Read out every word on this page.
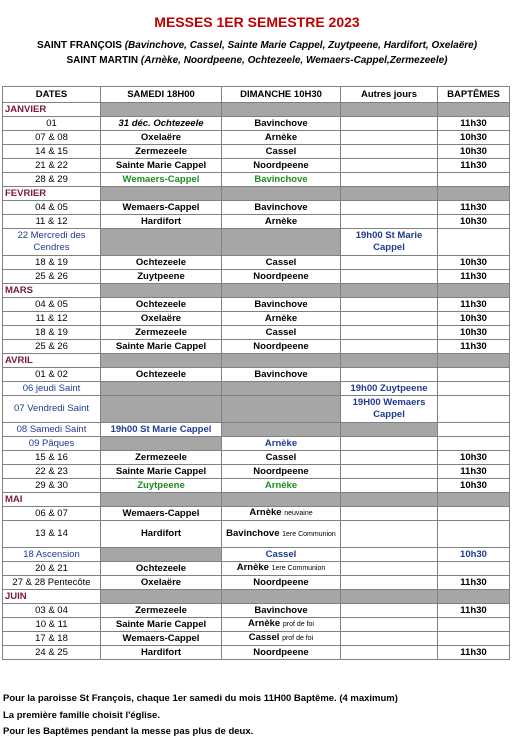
MESSES 1ER SEMESTRE 2023
SAINT FRANÇOIS (Bavinchove, Cassel, Sainte Marie Cappel, Zuytpeene, Hardifort, Oxelaëre)
SAINT MARTIN (Arnèke, Noordpeene, Ochtezeele, Wemaers-Cappel,Zermezeele)
DATES	SAMEDI 18H00	DIMANCHE 10H30	Autres jours	BAPTÊMES
JANVIER				
01	31 déc. Ochtezeele	Bavinchove		11h30
07 & 08	Oxelaëre	Arnèke		10h30
14 & 15	Zermezeele	Cassel		10h30
21 & 22	Sainte Marie Cappel	Noordpeene		11h30
28 & 29	Wemaers-Cappel	Bavinchove		
FEVRIER				
04 & 05	Wemaers-Cappel	Bavinchove		11h30
11 & 12	Hardifort	Arnèke		10h30
22 Mercredi des Cendres			19h00 St Marie Cappel	
18 & 19	Ochtezeele	Cassel		10h30
25 & 26	Zuytpeene	Noordpeene		11h30
MARS				
04 & 05	Ochtezeele	Bavinchove		11h30
11 & 12	Oxelaëre	Arnèke		10h30
18 & 19	Zermezeele	Cassel		10h30
25 & 26	Sainte Marie Cappel	Noordpeene		11h30
AVRIL				
01 & 02	Ochtezeele	Bavinchove		
06 jeudi Saint			19h00 Zuytpeene	
07 Vendredi Saint			19H00 Wemaers Cappel	
08 Samedi Saint	19h00 St Marie Cappel			
09 Pâques		Arnèke		
15 & 16	Zermezeele	Cassel		10h30
22 & 23	Sainte Marie Cappel	Noordpeene		11h30
29 & 30	Zuytpeene	Arnèke		10h30
MAI				
06 & 07	Wemaers-Cappel	Arnèke neuvaine		
13 & 14	Hardifort	Bavinchove 1ere Communion		
18 Ascension		Cassel		10h30
20 & 21	Ochtezeele	Arnèke 1ere Communion		
27 & 28 Pentecôte	Oxelaëre	Noordpeene		11h30
JUIN				
03 & 04	Zermezeele	Bavinchove		11h30
10 & 11	Sainte Marie Cappel	Arnèke prof de foi		
17 & 18	Wemaers-Cappel	Cassel prof de foi		
24 & 25	Hardifort	Noordpeene		11h30
Pour la paroisse St François, chaque 1er samedi du mois 11H00 Baptême. (4 maximum)
La première famille choisit l'église.
Pour les Baptêmes pendant la messe pas plus de deux.
